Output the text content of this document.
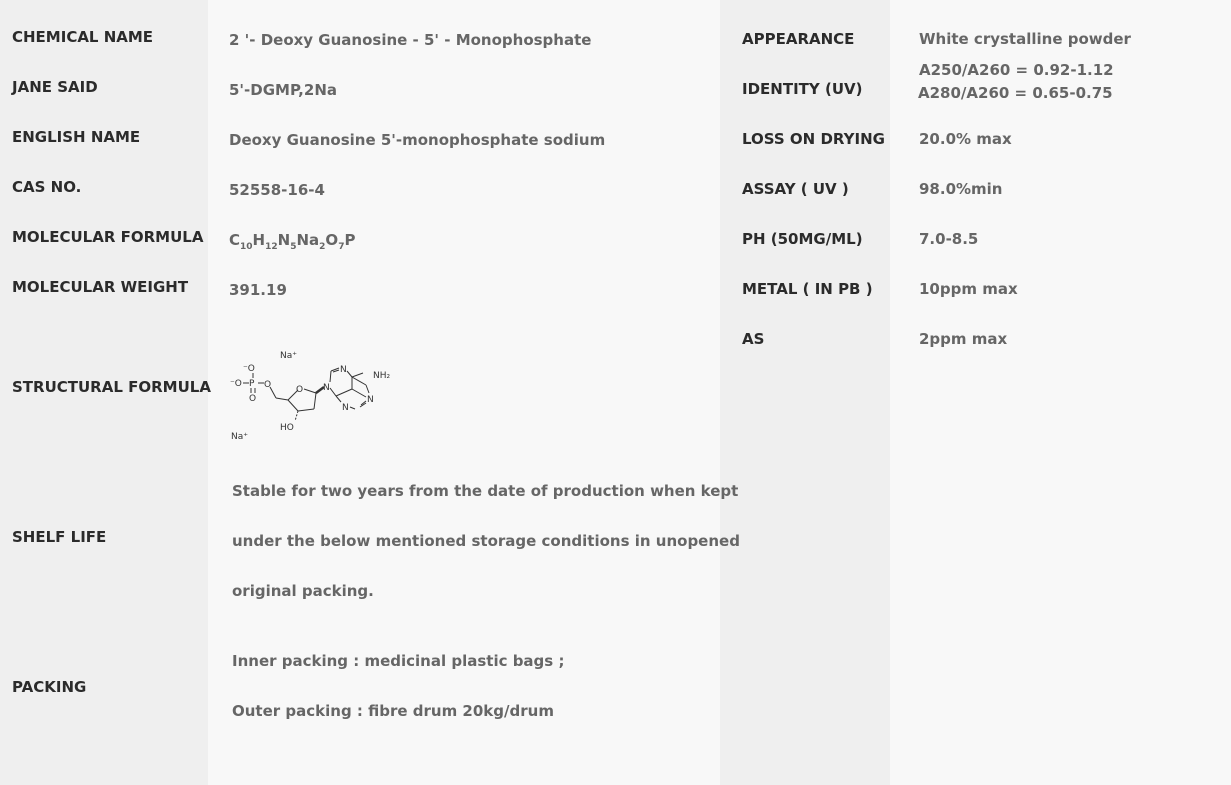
CHEMICAL NAME
JANE SAID
ENGLISH NAME
CAS NO.
MOLECULAR FORMULA
MOLECULAR WEIGHT
STRUCTURAL FORMULA
SHELF LIFE
PACKING
2 '- Deoxy Guanosine - 5' - Monophosphate
5'-DGMP,2Na
Deoxy Guanosine 5'-monophosphate sodium
52558-16-4
$C_{10}H_{12}N_5Na_2O_7P$
391.19
Na⁺
⁻O
⁻O P
O
O	O N
N
NH₂
N
N
HO
Na⁺
Stable for two years from the date of production when kept
under the below mentioned storage conditions in unopened
original packing.
Inner packing : medicinal plastic bags ;
Outer packing : fibre drum 20kg/drum
APPEARANCE
IDENTITY (UV)
LOSS ON DRYING
ASSAY ( UV )
PH (50MG/ML)
METAL ( IN PB )
AS
White crystalline powder
A250/A260 = 0.92-1.12
A280/A260 = 0.65-0.75
20.0% max
98.0%min
7.0-8.5
10ppm max
2ppm max
